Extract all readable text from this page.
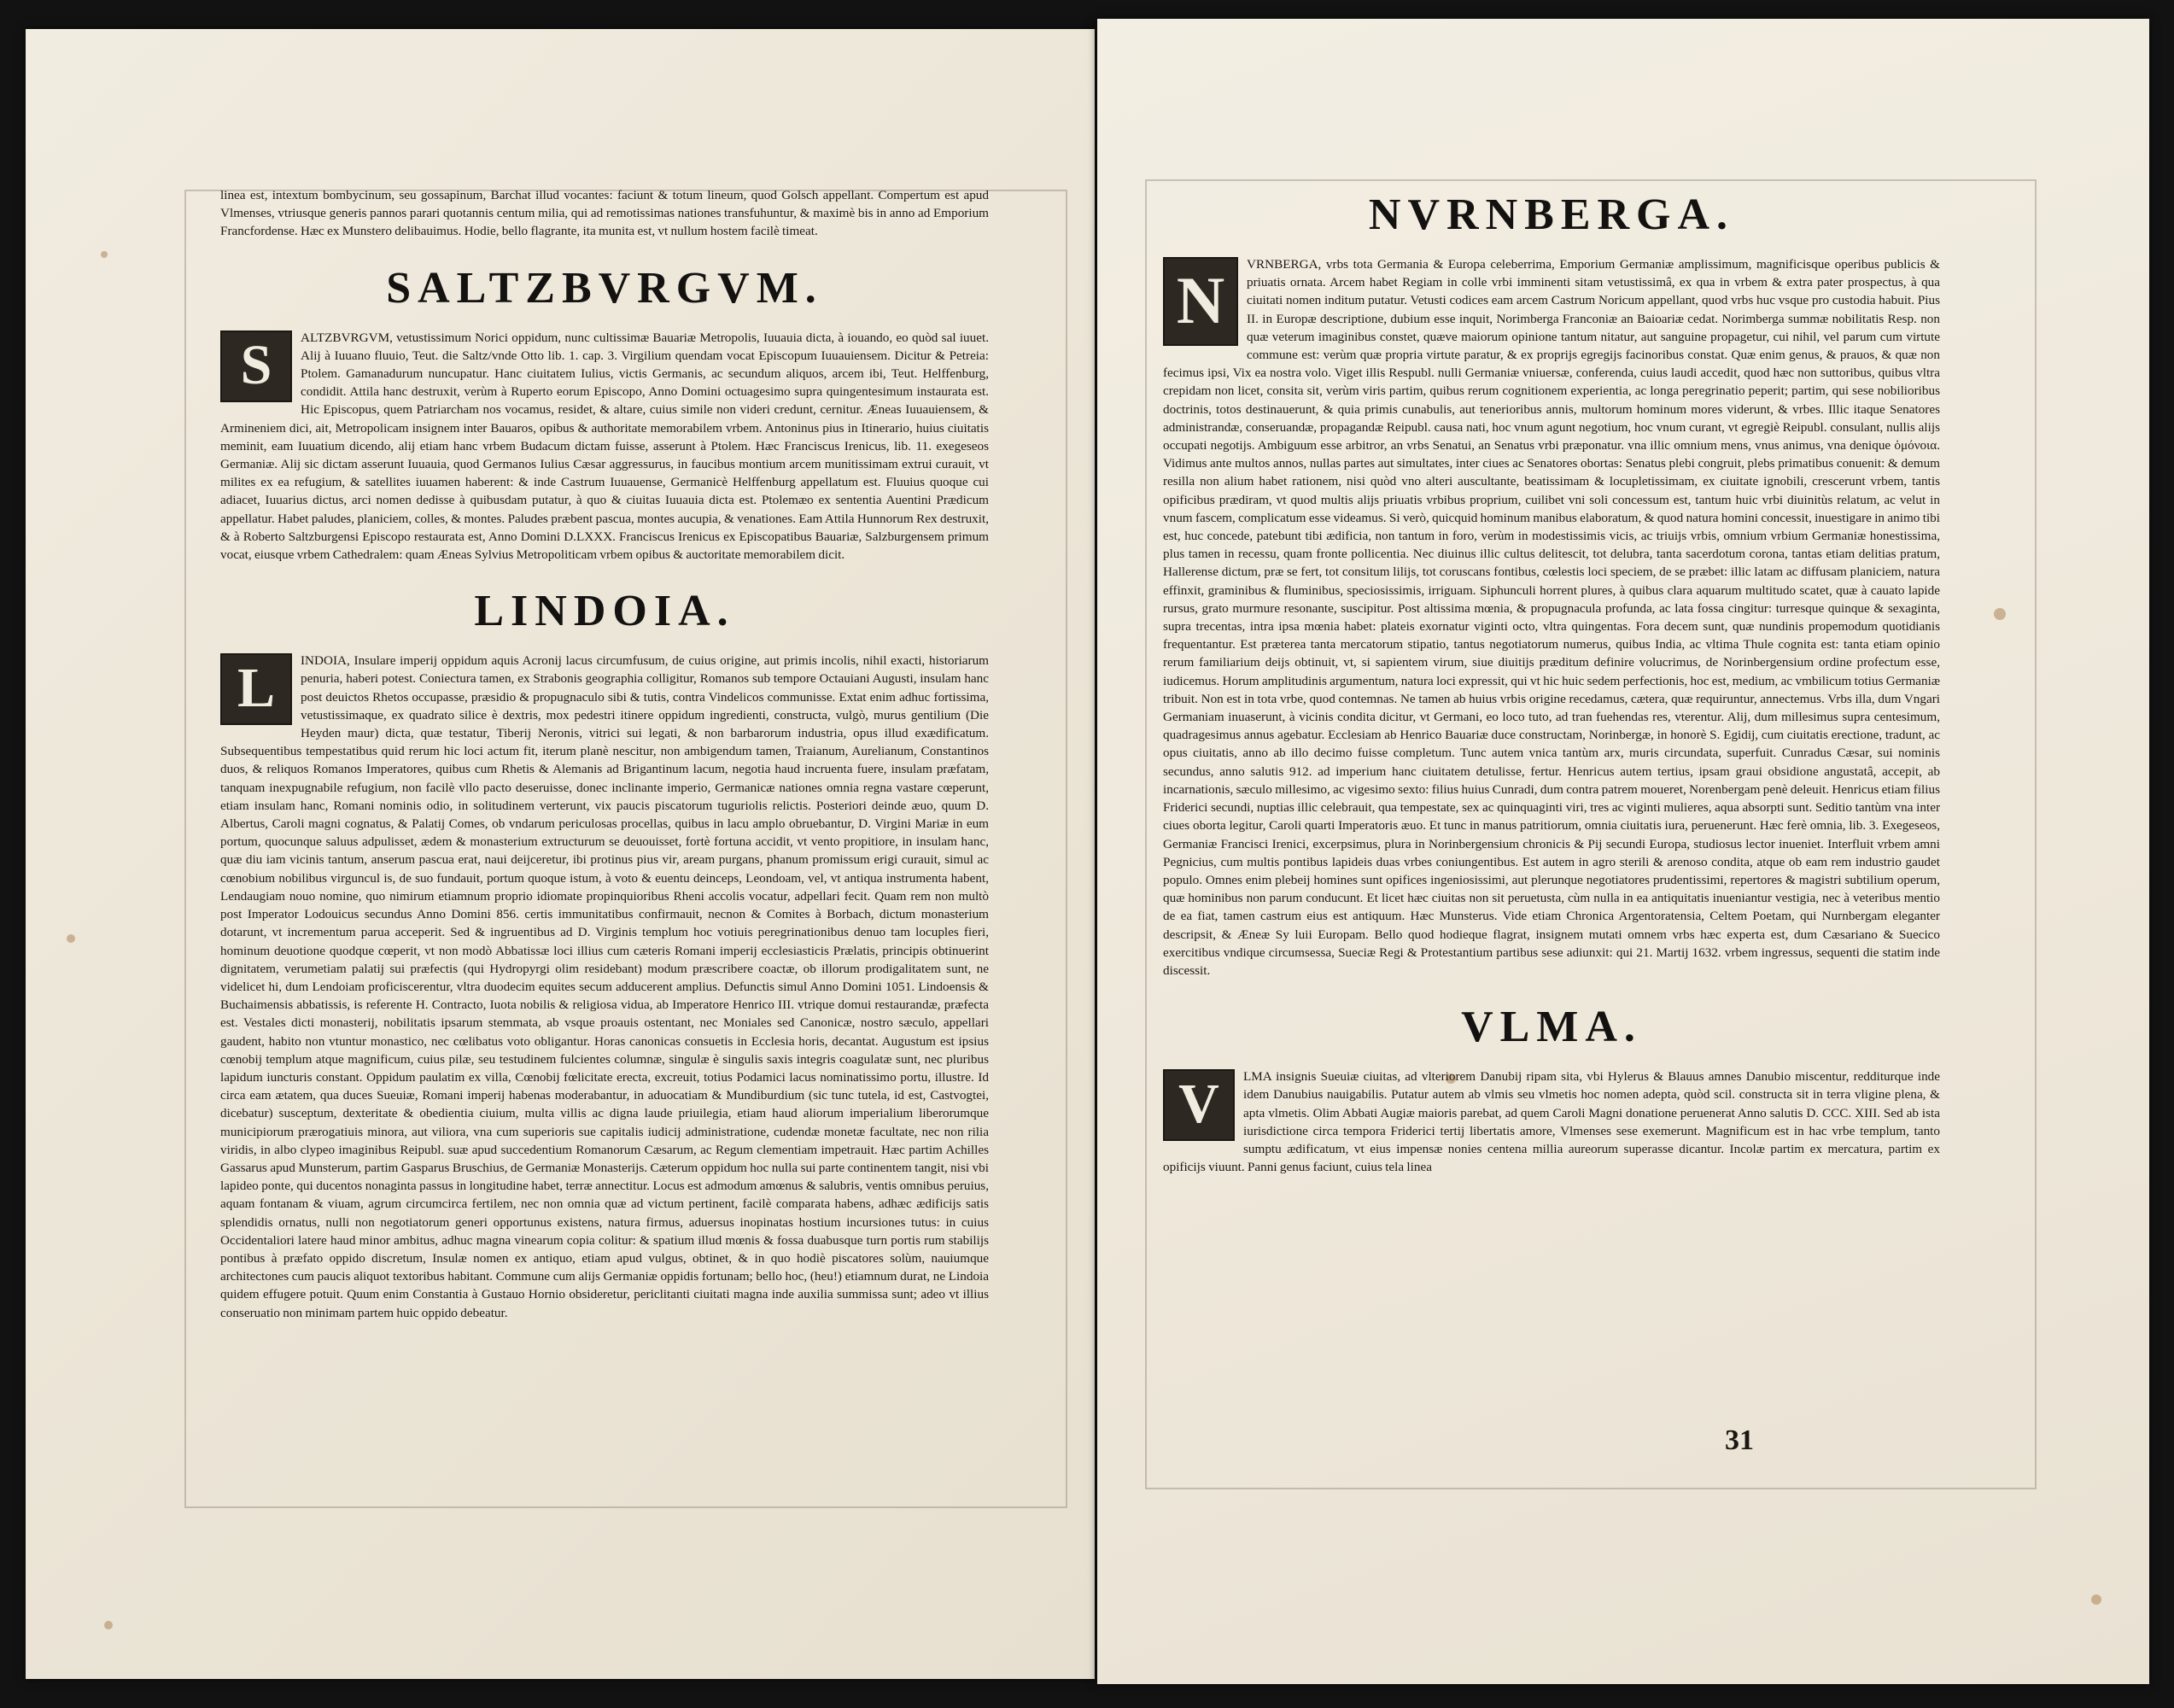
linea est, intextum bombycinum, seu gossapinum, Barchat illud vocantes: faciunt & totum lineum, quod Golsch appellant. Compertum est apud Vlmenses, vtriusque generis pannos parari quotannis centum milia, qui ad remotissimas nationes transfuhuntur, & maximè bis in anno ad Emporium Francfordense. Hæc ex Munstero delibauimus. Hodie, bello flagrante, ita munita est, vt nullum hostem facilè timeat.

SALTZBVRGVM.
S	ALTZBVRGVM, vetustissimum Norici oppidum, nunc cultissimæ Bauariæ Metropolis, Iuuauia dicta, à iouando, eo quòd sal iuuet. Alij à Iuuano fluuio, Teut. die Saltz/vnde Otto lib. 1. cap. 3. Virgilium quendam vocat Episcopum Iuuauiensem. Dicitur & Petreia: Ptolem. Gamanadurum nuncupatur. Hanc ciuitatem Iulius, victis Germanis, ac secundum aliquos, arcem ibi, Teut. Helffenburg, condidit. Attila hanc destruxit, verùm à Ruperto eorum Episcopo, Anno Domini octuagesimo supra quingentesimum instaurata est. Hic Episcopus, quem Patriarcham nos vocamus, residet, & altare, cuius simile non videri credunt, cernitur. Æneas Iuuauiensem, & Armineniem dici, ait, Metropolicam insignem inter Bauaros, opibus & authoritate memorabilem vrbem. Antoninus pius in Itinerario, huius ciuitatis meminit, eam Iuuatium dicendo, alij etiam hanc vrbem Budacum dictam fuisse, asserunt à Ptolem. Hæc Franciscus Irenicus, lib. 11. exegeseos Germaniæ. Alij sic dictam asserunt Iuuauia, quod Germanos Iulius Cæsar aggressurus, in faucibus montium arcem munitissimam extrui curauit, vt milites ex ea refugium, & satellites iuuamen haberent: & inde Castrum Iuuauense, Germanicè Helffenburg appellatum est. Fluuius quoque cui adiacet, Iuuarius dictus, arci nomen dedisse à quibusdam putatur, à quo & ciuitas Iuuauia dicta est. Ptolemæo ex sententia Auentini Prædicum appellatur. Habet paludes, planiciem, colles, & montes. Paludes præbent pascua, montes aucupia, & venationes. Eam Attila Hunnorum Rex destruxit, & à Roberto Saltzburgensi Episcopo restaurata est, Anno Domini D.LXXX. Franciscus Irenicus ex Episcopatibus Bauariæ, Salzburgensem primum vocat, eiusque vrbem Cathedralem: quam Æneas Sylvius Metropoliticam vrbem opibus & auctoritate memorabilem dicit.

LINDOIA.
L	INDOIA, Insulare imperij oppidum aquis Acronij lacus circumfusum, de cuius origine, aut primis incolis, nihil exacti, historiarum penuria, haberi potest. Coniectura tamen, ex Strabonis geographia colligitur, Romanos sub tempore Octauiani Augusti, insulam hanc post deuictos Rhetos occupasse, præsidio & propugnaculo sibi & tutis, contra Vindelicos communisse. Extat enim adhuc fortissima, vetustissimaque, ex quadrato silice è dextris, mox pedestri itinere oppidum ingredienti, constructa, vulgò, murus gentilium (Die Heyden maur) dicta, quæ testatur, Tiberij Neronis, vitrici sui legati, & non barbarorum industria, opus illud exædificatum. Subsequentibus tempestatibus quid rerum hic loci actum fit, iterum planè nescitur, non ambigendum tamen, Traianum, Aurelianum, Constantinos duos, & reliquos Romanos Imperatores, quibus cum Rhetis & Alemanis ad Brigantinum lacum, negotia haud incruenta fuere, insulam præfatam, tanquam inexpugnabile refugium, non facilè vllo pacto deseruisse, donec inclinante imperio, Germanicæ nationes omnia regna vastare cœperunt, etiam insulam hanc, Romani nominis odio, in solitudinem verterunt, vix paucis piscatorum tuguriolis relictis. Posteriori deinde æuo, quum D. Albertus, Caroli magni cognatus, & Palatij Comes, ob vndarum periculosas procellas, quibus in lacu amplo obruebantur, D. Virgini Mariæ in eum portum, quocunque saluus adpulisset, ædem & monasterium extructurum se deuouisset, fortè fortuna accidit, vt vento propitiore, in insulam hanc, quæ diu iam vicinis tantum, anserum pascua erat, naui deijceretur, ibi protinus pius vir, aream purgans, phanum promissum erigi curauit, simul ac cœnobium nobilibus virguncul is, de suo fundauit, portum quoque istum, à voto & euentu deinceps, Leondoam, vel, vt antiqua instrumenta habent, Lendaugiam nouo nomine, quo nimirum etiamnum proprio idiomate propinquioribus Rheni accolis vocatur, adpellari fecit. Quam rem non multò post Imperator Lodouicus secundus Anno Domini 856. certis immunitatibus confirmauit, necnon & Comites à Borbach, dictum monasterium dotarunt, vt incrementum parua acceperit. Sed & ingruentibus ad D. Virginis templum hoc votiuis peregrinationibus denuo tam locuples fieri, hominum deuotione quodque cœperit, vt non modò Abbatissæ loci illius cum cæteris Romani imperij ecclesiasticis Prælatis, principis obtinuerint dignitatem, verumetiam palatij sui præfectis (qui Hydropyrgi olim residebant) modum præscribere coactæ, ob illorum prodigalitatem sunt, ne videlicet hi, dum Lendoiam proficiscerentur, vltra duodecim equites secum adducerent amplius. Defunctis simul Anno Domini 1051. Lindoensis & Buchaimensis abbatissis, is referente H. Contracto, Iuota nobilis & religiosa vidua, ab Imperatore Henrico III. vtrique domui restaurandæ, præfecta est. Vestales dicti monasterij, nobilitatis ipsarum stemmata, ab vsque proauis ostentant, nec Moniales sed Canonicæ, nostro sæculo, appellari gaudent, habito non vtuntur monastico, nec cœlibatus voto obligantur. Horas canonicas consuetis in Ecclesia horis, decantat. Augustum est ipsius cœnobij templum atque magnificum, cuius pilæ, seu testudinem fulcientes columnæ, singulæ è singulis saxis integris coagulatæ sunt, nec pluribus lapidum iuncturis constant. Oppidum paulatim ex villa, Cœnobij fœlicitate erecta, excreuit, totius Podamici lacus nominatissimo portu, illustre. Id circa eam ætatem, qua duces Sueuiæ, Romani imperij habenas moderabantur, in aduocatiam & Mundiburdium (sic tunc tutela, id est, Castvogtei, dicebatur) susceptum, dexteritate & obedientia ciuium, multa villis ac digna laude priuilegia, etiam haud aliorum imperialium liberorumque municipiorum prærogatiuis minora, aut viliora, vna cum superioris sue capitalis iudicij administratione, cudendæ monetæ facultate, nec non rilia viridis, in albo clypeo imaginibus Reipubl. suæ apud succedentium Romanorum Cæsarum, ac Regum clementiam impetrauit. Hæc partim Achilles Gassarus apud Munsterum, partim Gasparus Bruschius, de Germaniæ Monasterijs. Cæterum oppidum hoc nulla sui parte continentem tangit, nisi vbi lapideo ponte, qui ducentos nonaginta passus in longitudine habet, terræ annectitur. Locus est admodum amœnus & salubris, ventis omnibus peruius, aquam fontanam & viuam, agrum circumcirca fertilem, nec non omnia quæ ad victum pertinent, facilè comparata habens, adhæc ædificijs satis splendidis ornatus, nulli non negotiatorum generi opportunus existens, natura firmus, aduersus inopinatas hostium incursiones tutus: in cuius Occidentaliori latere haud minor ambitus, adhuc magna vinearum copia colitur: & spatium illud mœnis & fossa duabusque turn portis rum stabilijs pontibus à præfato oppido discretum, Insulæ nomen ex antiquo, etiam apud vulgus, obtinet, & in quo hodiè piscatores solùm, nauiumque architectones cum paucis aliquot textoribus habitant. Commune cum alijs Germaniæ oppidis fortunam; bello hoc, (heu!) etiamnum durat, ne Lindoia quidem effugere potuit. Quum enim Constantia à Gustauo Hornio obsideretur, periclitanti ciuitati magna inde auxilia summissa sunt; adeo vt illius conseruatio non minimam partem huic oppido debeatur.

NVRNBERGA.
N	VRNBERGA, vrbs tota Germania & Europa celeberrima, Emporium Germaniæ amplissimum, magnificisque operibus publicis & priuatis ornata. Arcem habet Regiam in colle vrbi imminenti sitam vetustissimâ, ex qua in vrbem & extra pater prospectus, à qua ciuitati nomen inditum putatur. Vetusti codices eam arcem Castrum Noricum appellant, quod vrbs huc vsque pro custodia habuit. Pius II. in Europæ descriptione, dubium esse inquit, Norimberga Franconiæ an Baioariæ cedat. Norimberga summæ nobilitatis Resp. non quæ veterum imaginibus constet, quæve maiorum opinione tantum nitatur, aut sanguine propagetur, cui nihil, vel parum cum virtute commune est: verùm quæ propria virtute paratur, & ex proprijs egregijs facinoribus constat. Quæ enim genus, & prauos, & quæ non fecimus ipsi, Vix ea nostra volo. Viget illis Respubl. nulli Germaniæ vniuersæ, conferenda, cuius laudi accedit, quod hæc non suttoribus, quibus vltra crepidam non licet, consita sit, verùm viris partim, quibus rerum cognitionem experientia, ac longa peregrinatio peperit; partim, qui sese nobilioribus doctrinis, totos destinauerunt, & quia primis cunabulis, aut tenerioribus annis, multorum hominum mores viderunt, & vrbes. Illic itaque Senatores administrandæ, conseruandæ, propagandæ Reipubl. causa nati, hoc vnum agunt negotium, hoc vnum curant, vt egregiè Reipubl. consulant, nullis alijs occupati negotijs. Ambiguum esse arbitror, an vrbs Senatui, an Senatus vrbi præponatur. vna illic omnium mens, vnus animus, vna denique ὁμόνοια. Vidimus ante multos annos, nullas partes aut simultates, inter ciues ac Senatores obortas: Senatus plebi congruit, plebs primatibus conuenit: & demum resilla non alium habet rationem, nisi quòd vno alteri auscultante, beatissimam & locupletissimam, ex ciuitate ignobili, crescerunt vrbem, tantis opificibus prædiram, vt quod multis alijs priuatis vrbibus proprium, cuilibet vni soli concessum est, tantum huic vrbi diuinitùs relatum, ac velut in vnum fascem, complicatum esse videamus. Si verò, quicquid hominum manibus elaboratum, & quod natura homini concessit, inuestigare in animo tibi est, huc concede, patebunt tibi ædificia, non tantum in foro, verùm in modestissimis vicis, ac triuijs vrbis, omnium vrbium Germaniæ honestissima, plus tamen in recessu, quam fronte pollicentia. Nec diuinus illic cultus delitescit, tot delubra, tanta sacerdotum corona, tantas etiam delitias pratum, Hallerense dictum, præ se fert, tot consitum lilijs, tot coruscans fontibus, cœlestis loci speciem, de se præbet: illic latam ac diffusam planiciem, natura effinxit, graminibus & fluminibus, speciosissimis, irriguam. Siphunculi horrent plures, à quibus clara aquarum multitudo scatet, quæ à cauato lapide rursus, grato murmure resonante, suscipitur. Post altissima mœnia, & propugnacula profunda, ac lata fossa cingitur: turresque quinque & sexaginta, supra trecentas, intra ipsa mœnia habet: plateis exornatur viginti octo, vltra quingentas. Fora decem sunt, quæ nundinis propemodum quotidianis frequentantur. Est præterea tanta mercatorum stipatio, tantus negotiatorum numerus, quibus India, ac vltima Thule cognita est: tanta etiam opinio rerum familiarium deijs obtinuit, vt, si sapientem virum, siue diuitijs præditum definire volucrimus, de Norinbergensium ordine profectum esse, iudicemus. Horum amplitudinis argumentum, natura loci expressit, qui vt hic huic sedem perfectionis, hoc est, medium, ac vmbilicum totius Germaniæ tribuit. Non est in tota vrbe, quod contemnas. Ne tamen ab huius vrbis origine recedamus, cætera, quæ requiruntur, annectemus. Vrbs illa, dum Vngari Germaniam inuaserunt, à vicinis condita dicitur, vt Germani, eo loco tuto, ad tran fuehendas res, vterentur. Alij, dum millesimus supra centesimum, quadragesimus annus agebatur. Ecclesiam ab Henrico Bauariæ duce constructam, Norinbergæ, in honorè S. Egidij, cum ciuitatis erectione, tradunt, ac opus ciuitatis, anno ab illo decimo fuisse completum. Tunc autem vnica tantùm arx, muris circundata, superfuit. Cunradus Cæsar, sui nominis secundus, anno salutis 912. ad imperium hanc ciuitatem detulisse, fertur. Henricus autem tertius, ipsam graui obsidione angustatâ, accepit, ab incarnationis, sæculo millesimo, ac vigesimo sexto: filius huius Cunradi, dum contra patrem moueret, Norenbergam penè deleuit. Henricus etiam filius Friderici secundi, nuptias illic celebrauit, qua tempestate, sex ac quinquaginti viri, tres ac viginti mulieres, aqua absorpti sunt. Seditio tantùm vna inter ciues oborta legitur, Caroli quarti Imperatoris æuo. Et tunc in manus patritiorum, omnia ciuitatis iura, peruenerunt. Hæc ferè omnia, lib. 3. Exegeseos, Germaniæ Francisci Irenici, excerpsimus, plura in Norinbergensium chronicis & Pij secundi Europa, studiosus lector inueniet. Interfluit vrbem amni Pegnicius, cum multis pontibus lapideis duas vrbes coniungentibus. Est autem in agro sterili & arenoso condita, atque ob eam rem industrio gaudet populo. Omnes enim plebeij homines sunt opifices ingeniosissimi, aut plerunque negotiatores prudentissimi, repertores & magistri subtilium operum, quæ hominibus non parum conducunt. Et licet hæc ciuitas non sit peruetusta, cùm nulla in ea antiquitatis inueniantur vestigia, nec à veteribus mentio de ea fiat, tamen castrum eius est antiquum. Hæc Munsterus. Vide etiam Chronica Argentoratensia, Celtem Poetam, qui Nurnbergam eleganter descripsit, & Æneæ Sy luii Europam. Bello quod hodieque flagrat, insignem mutati omnem vrbs hæc experta est, dum Cæsariano & Suecico exercitibus vndique circumsessa, Sueciæ Regi & Protestantium partibus sese adiunxit: qui 21. Martij 1632. vrbem ingressus, sequenti die statim inde discessit.

VLMA.
V	LMA insignis Sueuiæ ciuitas, ad vlteriorem Danubij ripam sita, vbi Hylerus & Blauus amnes Danubio miscentur, redditurque inde idem Danubius nauigabilis. Putatur autem ab vlmis seu vlmetis hoc nomen adepta, quòd scil. constructa sit in terra vligine plena, & apta vlmetis. Olim Abbati Augiæ maioris parebat, ad quem Caroli Magni donatione peruenerat Anno salutis D. CCC. XIII. Sed ab ista iurisdictione circa tempora Friderici tertij libertatis amore, Vlmenses sese exemerunt. Magnificum est in hac vrbe templum, tanto sumptu ædificatum, vt eius impensæ nonies centena millia aureorum superasse dicantur. Incolæ partim ex mercatura, partim ex opificijs viuunt. Panni genus faciunt, cuius tela linea

31
